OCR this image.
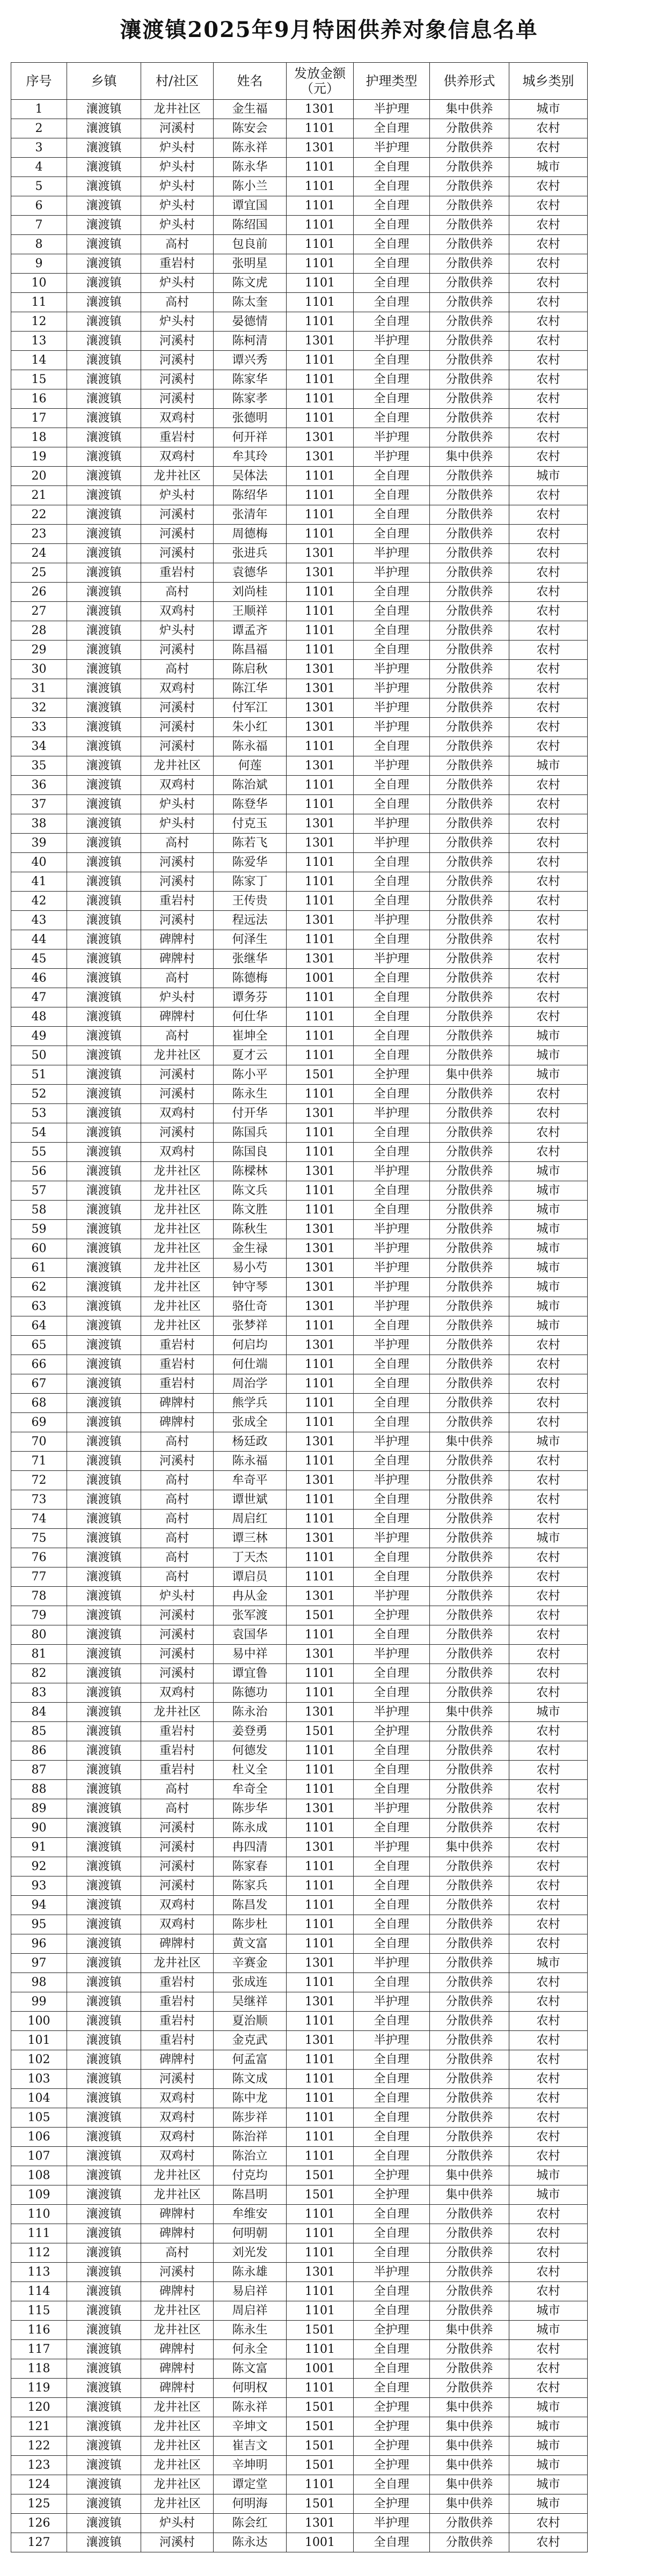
瀼渡镇2025年9月特困供养对象信息名单
序号	乡镇	村/社区	姓名	发放金额
（元）	护理类型	供养形式	城乡类别
1	瀼渡镇	龙井社区	金生福	1301	半护理	集中供养	城市
2	瀼渡镇	河溪村	陈安会	1101	全自理	分散供养	农村
3	瀼渡镇	炉头村	陈永祥	1301	半护理	分散供养	农村
4	瀼渡镇	炉头村	陈永华	1101	全自理	分散供养	城市
5	瀼渡镇	炉头村	陈小兰	1101	全自理	分散供养	农村
6	瀼渡镇	炉头村	谭宜国	1101	全自理	分散供养	农村
7	瀼渡镇	炉头村	陈绍国	1101	全自理	分散供养	农村
8	瀼渡镇	高村	包良前	1101	全自理	分散供养	农村
9	瀼渡镇	重岩村	张明星	1101	全自理	分散供养	农村
10	瀼渡镇	炉头村	陈文虎	1101	全自理	分散供养	农村
11	瀼渡镇	高村	陈太奎	1101	全自理	分散供养	农村
12	瀼渡镇	炉头村	晏德情	1101	全自理	分散供养	农村
13	瀼渡镇	河溪村	陈柯清	1301	半护理	分散供养	农村
14	瀼渡镇	河溪村	谭兴秀	1101	全自理	分散供养	农村
15	瀼渡镇	河溪村	陈家华	1101	全自理	分散供养	农村
16	瀼渡镇	河溪村	陈家孝	1101	全自理	分散供养	农村
17	瀼渡镇	双鸡村	张德明	1101	全自理	分散供养	农村
18	瀼渡镇	重岩村	何开祥	1301	半护理	分散供养	农村
19	瀼渡镇	双鸡村	牟其玲	1301	半护理	集中供养	农村
20	瀼渡镇	龙井社区	吴体法	1101	全自理	分散供养	城市
21	瀼渡镇	炉头村	陈绍华	1101	全自理	分散供养	农村
22	瀼渡镇	河溪村	张清年	1101	全自理	分散供养	农村
23	瀼渡镇	河溪村	周德梅	1101	全自理	分散供养	农村
24	瀼渡镇	河溪村	张进兵	1301	半护理	分散供养	农村
25	瀼渡镇	重岩村	袁德华	1301	半护理	分散供养	农村
26	瀼渡镇	高村	刘尚桂	1101	全自理	分散供养	农村
27	瀼渡镇	双鸡村	王顺祥	1101	全自理	分散供养	农村
28	瀼渡镇	炉头村	谭孟齐	1101	全自理	分散供养	农村
29	瀼渡镇	河溪村	陈昌福	1101	全自理	分散供养	农村
30	瀼渡镇	高村	陈启秋	1301	半护理	分散供养	农村
31	瀼渡镇	双鸡村	陈江华	1301	半护理	分散供养	农村
32	瀼渡镇	河溪村	付军江	1301	半护理	分散供养	农村
33	瀼渡镇	河溪村	朱小红	1301	半护理	分散供养	农村
34	瀼渡镇	河溪村	陈永福	1101	全自理	分散供养	农村
35	瀼渡镇	龙井社区	何莲	1301	半护理	分散供养	城市
36	瀼渡镇	双鸡村	陈治斌	1101	全自理	分散供养	农村
37	瀼渡镇	炉头村	陈登华	1101	全自理	分散供养	农村
38	瀼渡镇	炉头村	付克玉	1301	半护理	分散供养	农村
39	瀼渡镇	高村	陈若飞	1301	半护理	分散供养	农村
40	瀼渡镇	河溪村	陈爱华	1101	全自理	分散供养	农村
41	瀼渡镇	河溪村	陈家丁	1101	全自理	分散供养	农村
42	瀼渡镇	重岩村	王传贵	1101	全自理	分散供养	农村
43	瀼渡镇	河溪村	程远法	1301	半护理	分散供养	农村
44	瀼渡镇	碑牌村	何泽生	1101	全自理	分散供养	农村
45	瀼渡镇	碑牌村	张继华	1301	半护理	分散供养	农村
46	瀼渡镇	高村	陈德梅	1001	全自理	分散供养	农村
47	瀼渡镇	炉头村	谭务芬	1101	全自理	分散供养	农村
48	瀼渡镇	碑牌村	何仕华	1101	全自理	分散供养	农村
49	瀼渡镇	高村	崔坤全	1101	全自理	分散供养	城市
50	瀼渡镇	龙井社区	夏才云	1101	全自理	分散供养	城市
51	瀼渡镇	河溪村	陈小平	1501	全护理	集中供养	城市
52	瀼渡镇	河溪村	陈永生	1101	全自理	分散供养	农村
53	瀼渡镇	双鸡村	付开华	1301	半护理	分散供养	农村
54	瀼渡镇	河溪村	陈国兵	1101	全自理	分散供养	农村
55	瀼渡镇	双鸡村	陈国良	1101	全自理	分散供养	农村
56	瀼渡镇	龙井社区	陈樑林	1301	半护理	分散供养	城市
57	瀼渡镇	龙井社区	陈文兵	1101	全自理	分散供养	城市
58	瀼渡镇	龙井社区	陈文胜	1101	全自理	分散供养	城市
59	瀼渡镇	龙井社区	陈秋生	1301	半护理	分散供养	城市
60	瀼渡镇	龙井社区	金生禄	1301	半护理	分散供养	城市
61	瀼渡镇	龙井社区	易小芍	1301	半护理	分散供养	城市
62	瀼渡镇	龙井社区	钟守琴	1301	半护理	分散供养	城市
63	瀼渡镇	龙井社区	骆仕奇	1301	半护理	分散供养	城市
64	瀼渡镇	龙井社区	张梦祥	1101	全自理	分散供养	城市
65	瀼渡镇	重岩村	何启均	1301	半护理	分散供养	农村
66	瀼渡镇	重岩村	何仕端	1101	全自理	分散供养	农村
67	瀼渡镇	重岩村	周治学	1101	全自理	分散供养	农村
68	瀼渡镇	碑牌村	熊学兵	1101	全自理	分散供养	农村
69	瀼渡镇	碑牌村	张成全	1101	全自理	分散供养	农村
70	瀼渡镇	高村	杨廷政	1301	半护理	集中供养	城市
71	瀼渡镇	河溪村	陈永福	1101	全自理	分散供养	农村
72	瀼渡镇	高村	牟奇平	1301	半护理	分散供养	农村
73	瀼渡镇	高村	谭世斌	1101	全自理	分散供养	农村
74	瀼渡镇	高村	周启红	1101	全自理	分散供养	农村
75	瀼渡镇	高村	谭三林	1301	半护理	分散供养	城市
76	瀼渡镇	高村	丁天杰	1101	全自理	分散供养	农村
77	瀼渡镇	高村	谭启员	1101	全自理	分散供养	农村
78	瀼渡镇	炉头村	冉从金	1301	半护理	分散供养	农村
79	瀼渡镇	河溪村	张军渡	1501	全护理	分散供养	农村
80	瀼渡镇	河溪村	袁国华	1101	全自理	分散供养	农村
81	瀼渡镇	河溪村	易中祥	1301	半护理	分散供养	农村
82	瀼渡镇	河溪村	谭宜鲁	1101	全自理	分散供养	农村
83	瀼渡镇	双鸡村	陈德功	1101	全自理	分散供养	农村
84	瀼渡镇	龙井社区	陈永治	1301	半护理	集中供养	城市
85	瀼渡镇	重岩村	姜登勇	1501	全护理	分散供养	农村
86	瀼渡镇	重岩村	何德发	1101	全自理	分散供养	农村
87	瀼渡镇	重岩村	杜义全	1101	全自理	分散供养	农村
88	瀼渡镇	高村	牟奇全	1101	全自理	分散供养	农村
89	瀼渡镇	高村	陈步华	1301	半护理	分散供养	农村
90	瀼渡镇	河溪村	陈永成	1101	全自理	分散供养	农村
91	瀼渡镇	河溪村	冉四清	1301	半护理	集中供养	农村
92	瀼渡镇	河溪村	陈家春	1101	全自理	分散供养	农村
93	瀼渡镇	河溪村	陈家兵	1101	全自理	分散供养	农村
94	瀼渡镇	双鸡村	陈昌发	1101	全自理	分散供养	农村
95	瀼渡镇	双鸡村	陈步杜	1101	全自理	分散供养	农村
96	瀼渡镇	碑牌村	黄文富	1101	全自理	分散供养	农村
97	瀼渡镇	龙井社区	辛赛金	1301	半护理	分散供养	城市
98	瀼渡镇	重岩村	张成连	1101	全自理	分散供养	农村
99	瀼渡镇	重岩村	吴继祥	1301	半护理	分散供养	农村
100	瀼渡镇	重岩村	夏治顺	1101	全自理	分散供养	农村
101	瀼渡镇	重岩村	金克武	1301	半护理	分散供养	农村
102	瀼渡镇	碑牌村	何孟富	1101	全自理	分散供养	农村
103	瀼渡镇	河溪村	陈文成	1101	全自理	分散供养	农村
104	瀼渡镇	双鸡村	陈中龙	1101	全自理	分散供养	农村
105	瀼渡镇	双鸡村	陈步祥	1101	全自理	分散供养	农村
106	瀼渡镇	双鸡村	陈治祥	1101	全自理	分散供养	农村
107	瀼渡镇	双鸡村	陈治立	1101	全自理	分散供养	农村
108	瀼渡镇	龙井社区	付克均	1501	全护理	集中供养	城市
109	瀼渡镇	龙井社区	陈昌明	1501	全护理	集中供养	城市
110	瀼渡镇	碑牌村	牟维安	1101	全自理	分散供养	农村
111	瀼渡镇	碑牌村	何明朝	1101	全自理	分散供养	农村
112	瀼渡镇	高村	刘光发	1101	全自理	分散供养	农村
113	瀼渡镇	河溪村	陈永雄	1301	半护理	分散供养	农村
114	瀼渡镇	碑牌村	易启祥	1101	全自理	分散供养	农村
115	瀼渡镇	龙井社区	周启祥	1101	全自理	分散供养	城市
116	瀼渡镇	龙井社区	陈永生	1501	全护理	集中供养	城市
117	瀼渡镇	碑牌村	何永全	1101	全自理	分散供养	农村
118	瀼渡镇	碑牌村	陈文富	1001	全自理	分散供养	农村
119	瀼渡镇	碑牌村	何明权	1101	全自理	分散供养	农村
120	瀼渡镇	龙井社区	陈永祥	1501	全护理	集中供养	城市
121	瀼渡镇	龙井社区	辛坤文	1501	全护理	集中供养	城市
122	瀼渡镇	龙井社区	崔吉文	1501	全护理	集中供养	城市
123	瀼渡镇	龙井社区	辛坤明	1501	全护理	集中供养	城市
124	瀼渡镇	龙井社区	谭定堂	1101	全自理	集中供养	城市
125	瀼渡镇	龙井社区	何明海	1501	全护理	集中供养	城市
126	瀼渡镇	炉头村	陈会红	1301	半护理	分散供养	农村
127	瀼渡镇	河溪村	陈永达	1001	全自理	分散供养	农村
